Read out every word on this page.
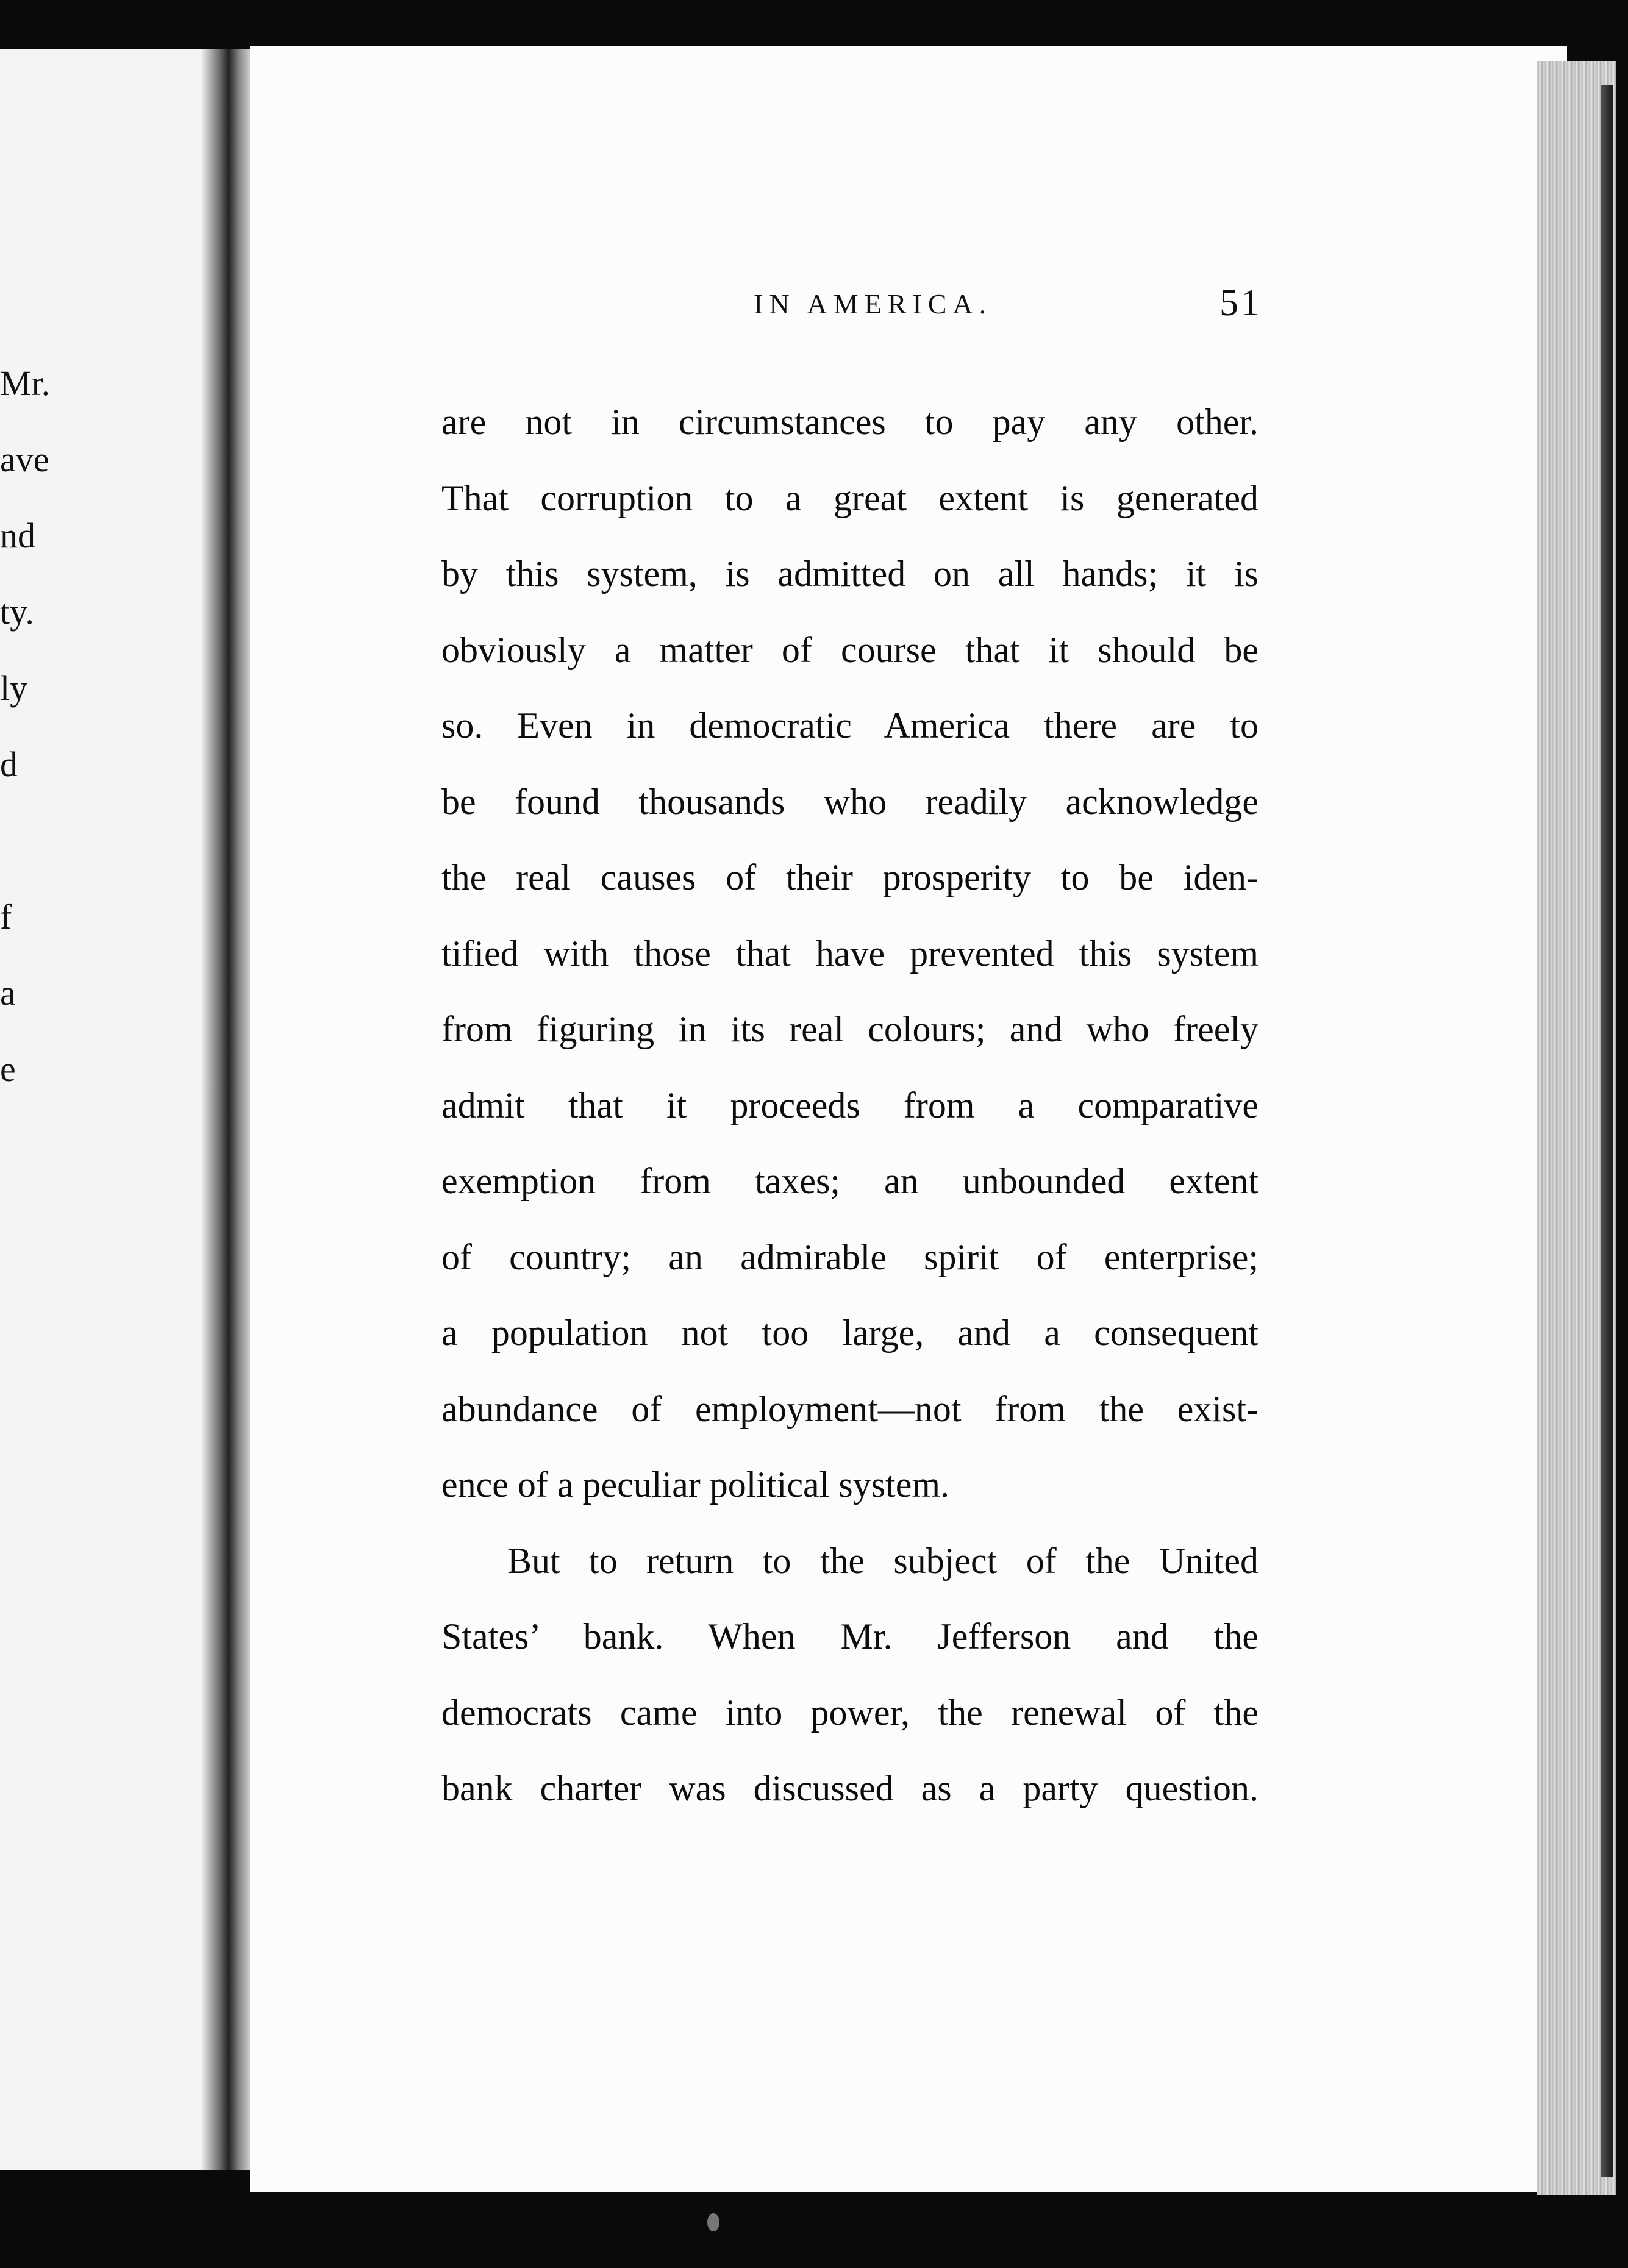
Mr.
ave
nd
ty.
ly
d
f
a
e
IN AMERICA.	51
are not in circumstances to pay any other.
That corruption to a great extent is generated
by this system, is admitted on all hands; it is
obviously a matter of course that it should be
so. Even in democratic America there are to
be found thousands who readily acknowledge
the real causes of their prosperity to be iden-
tified with those that have prevented this system
from figuring in its real colours; and who freely
admit that it proceeds from a comparative
exemption from taxes; an unbounded extent
of country; an admirable spirit of enterprise;
a population not too large, and a consequent
abundance of employment—not from the exist-
ence of a peculiar political system.
But to return to the subject of the United
States’ bank. When Mr. Jefferson and the
democrats came into power, the renewal of the
bank charter was discussed as a party question.
